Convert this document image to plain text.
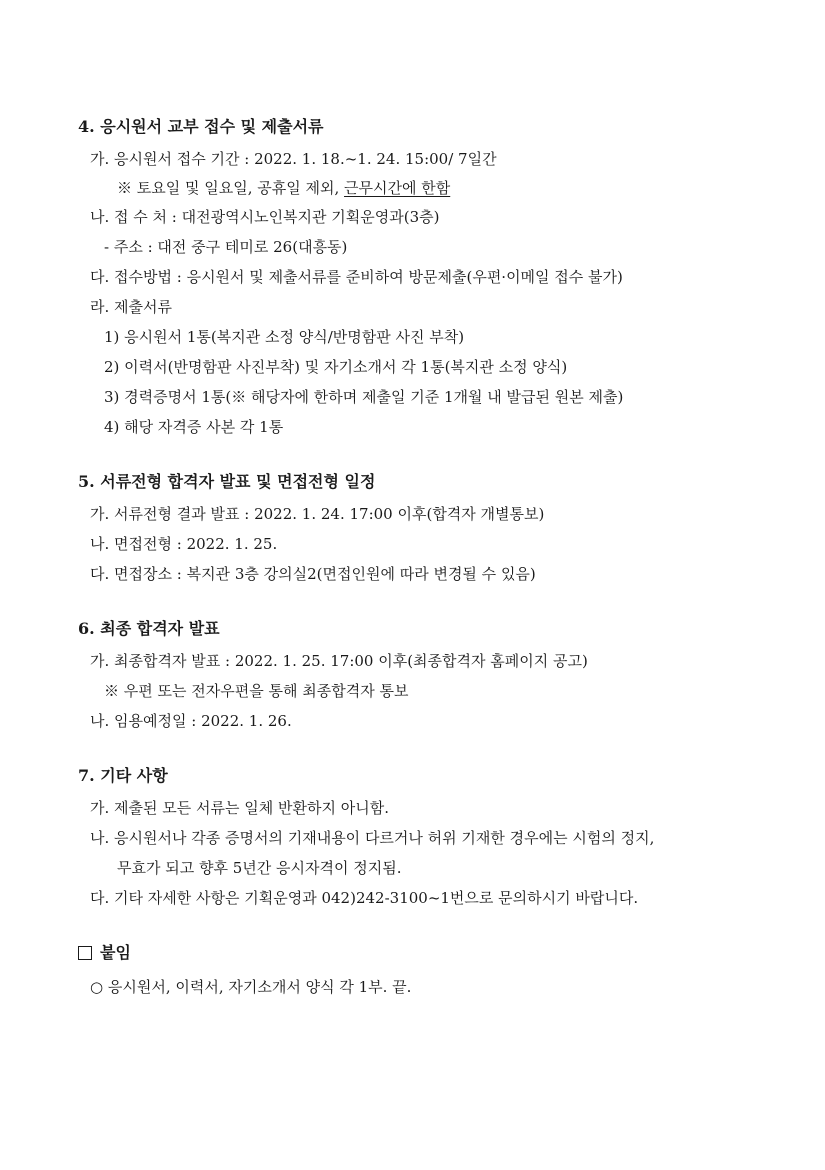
4. 응시원서 교부 접수 및 제출서류
가. 응시원서 접수 기간 : 2022. 1. 18.~1. 24. 15:00/ 7일간
※ 토요일 및 일요일, 공휴일 제외, 근무시간에 한함
나. 접 수 처 : 대전광역시노인복지관 기획운영과(3층)
- 주소 : 대전 중구 테미로 26(대흥동)
다. 접수방법 : 응시원서 및 제출서류를 준비하여 방문제출(우편·이메일 접수 불가)
라. 제출서류
1) 응시원서 1통(복지관 소정 양식/반명함판 사진 부착)
2) 이력서(반명함판 사진부착) 및 자기소개서 각 1통(복지관 소정 양식)
3) 경력증명서 1통(※ 해당자에 한하며 제출일 기준 1개월 내 발급된 원본 제출)
4) 해당 자격증 사본 각 1통
5. 서류전형 합격자 발표 및 면접전형 일정
가. 서류전형 결과 발표 : 2022. 1. 24. 17:00 이후(합격자 개별통보)
나. 면접전형 : 2022. 1. 25.
다. 면접장소 : 복지관 3층 강의실2(면접인원에 따라 변경될 수 있음)
6. 최종 합격자 발표
가. 최종합격자 발표 : 2022. 1. 25. 17:00 이후(최종합격자 홈페이지 공고)
※ 우편 또는 전자우편을 통해 최종합격자 통보
나. 임용예정일 : 2022. 1. 26.
7. 기타 사항
가. 제출된 모든 서류는 일체 반환하지 아니함.
나. 응시원서나 각종 증명서의 기재내용이 다르거나 허위 기재한 경우에는 시험의 정지,
무효가 되고 향후 5년간 응시자격이 정지됨.
다. 기타 자세한 사항은 기획운영과 042)242-3100~1번으로 문의하시기 바랍니다.
붙임
○ 응시원서, 이력서, 자기소개서 양식 각 1부. 끝.
